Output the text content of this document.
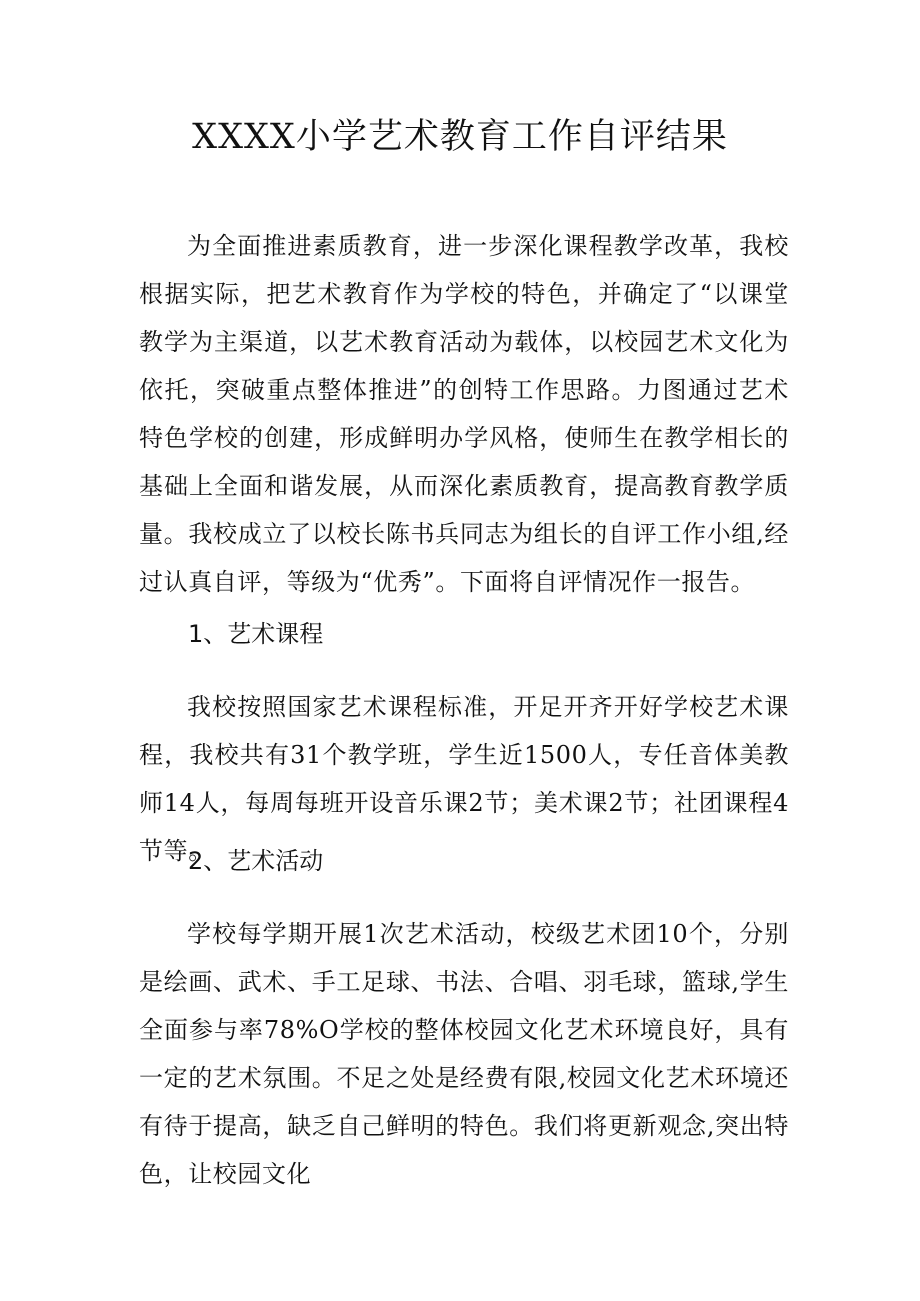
XXXX小学艺术教育工作自评结果

为全面推进素质教育，进一步深化课程教学改革，我校根据实际，把艺术教育作为学校的特色，并确定了“以课堂教学为主渠道，以艺术教育活动为载体，以校园艺术文化为依托，突破重点整体推进”的创特工作思路。力图通过艺术特色学校的创建，形成鲜明办学风格，使师生在教学相长的基础上全面和谐发展，从而深化素质教育，提高教育教学质量。我校成立了以校长陈书兵同志为组长的自评工作小组,经过认真自评，等级为“优秀”。下面将自评情况作一报告。

1、艺术课程

我校按照国家艺术课程标准，开足开齐开好学校艺术课程，我校共有31个教学班，学生近1500人，专任音体美教师14人，每周每班开设音乐课2节；美术课2节；社团课程4节等。

2、艺术活动

学校每学期开展1次艺术活动，校级艺术团10个，分别是绘画、武术、手工足球、书法、合唱、羽毛球，篮球,学生全面参与率78%O学校的整体校园文化艺术环境良好，具有一定的艺术氛围。不足之处是经费有限,校园文化艺术环境还有待于提高，缺乏自己鲜明的特色。我们将更新观念,突出特色，让校园文化
